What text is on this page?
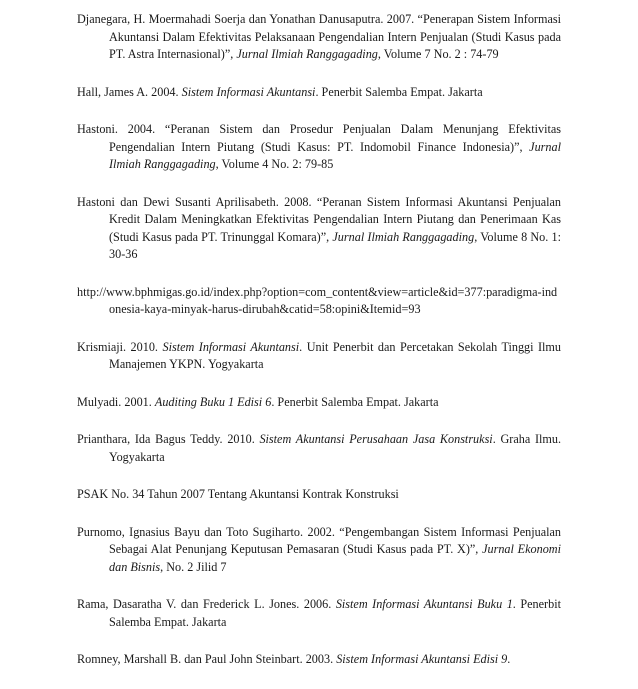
Djanegara, H. Moermahadi Soerja dan Yonathan Danusaputra. 2007. “Penerapan Sistem Informasi Akuntansi Dalam Efektivitas Pelaksanaan Pengendalian Intern Penjualan (Studi Kasus pada PT. Astra Internasional)”, Jurnal Ilmiah Ranggagading, Volume 7 No. 2 : 74-79

Hall, James A. 2004. Sistem Informasi Akuntansi. Penerbit Salemba Empat. Jakarta

Hastoni. 2004. “Peranan Sistem dan Prosedur Penjualan Dalam Menunjang Efektivitas Pengendalian Intern Piutang (Studi Kasus: PT. Indomobil Finance Indonesia)”, Jurnal Ilmiah Ranggagading, Volume 4 No. 2: 79-85

Hastoni dan Dewi Susanti Aprilisabeth. 2008. “Peranan Sistem Informasi Akuntansi Penjualan Kredit Dalam Meningkatkan Efektivitas Pengendalian Intern Piutang dan Penerimaan Kas (Studi Kasus pada PT. Trinunggal Komara)”, Jurnal Ilmiah Ranggagading, Volume 8 No. 1: 30-36

http://www.bphmigas.go.id/index.php?option=com_content&view=article&id=377:paradigma-indonesia-kaya-minyak-harus-dirubah&catid=58:opini&Itemid=93

Krismiaji. 2010. Sistem Informasi Akuntansi. Unit Penerbit dan Percetakan Sekolah Tinggi Ilmu Manajemen YKPN. Yogyakarta

Mulyadi. 2001. Auditing Buku 1 Edisi 6. Penerbit Salemba Empat. Jakarta

Prianthara, Ida Bagus Teddy. 2010. Sistem Akuntansi Perusahaan Jasa Konstruksi. Graha Ilmu. Yogyakarta

PSAK No. 34 Tahun 2007 Tentang Akuntansi Kontrak Konstruksi

Purnomo, Ignasius Bayu dan Toto Sugiharto. 2002. “Pengembangan Sistem Informasi Penjualan Sebagai Alat Penunjang Keputusan Pemasaran (Studi Kasus pada PT. X)”, Jurnal Ekonomi dan Bisnis, No. 2 Jilid 7

Rama, Dasaratha V. dan Frederick L. Jones. 2006. Sistem Informasi Akuntansi Buku 1. Penerbit Salemba Empat. Jakarta

Romney, Marshall B. dan Paul John Steinbart. 2003. Sistem Informasi Akuntansi Edisi 9.
